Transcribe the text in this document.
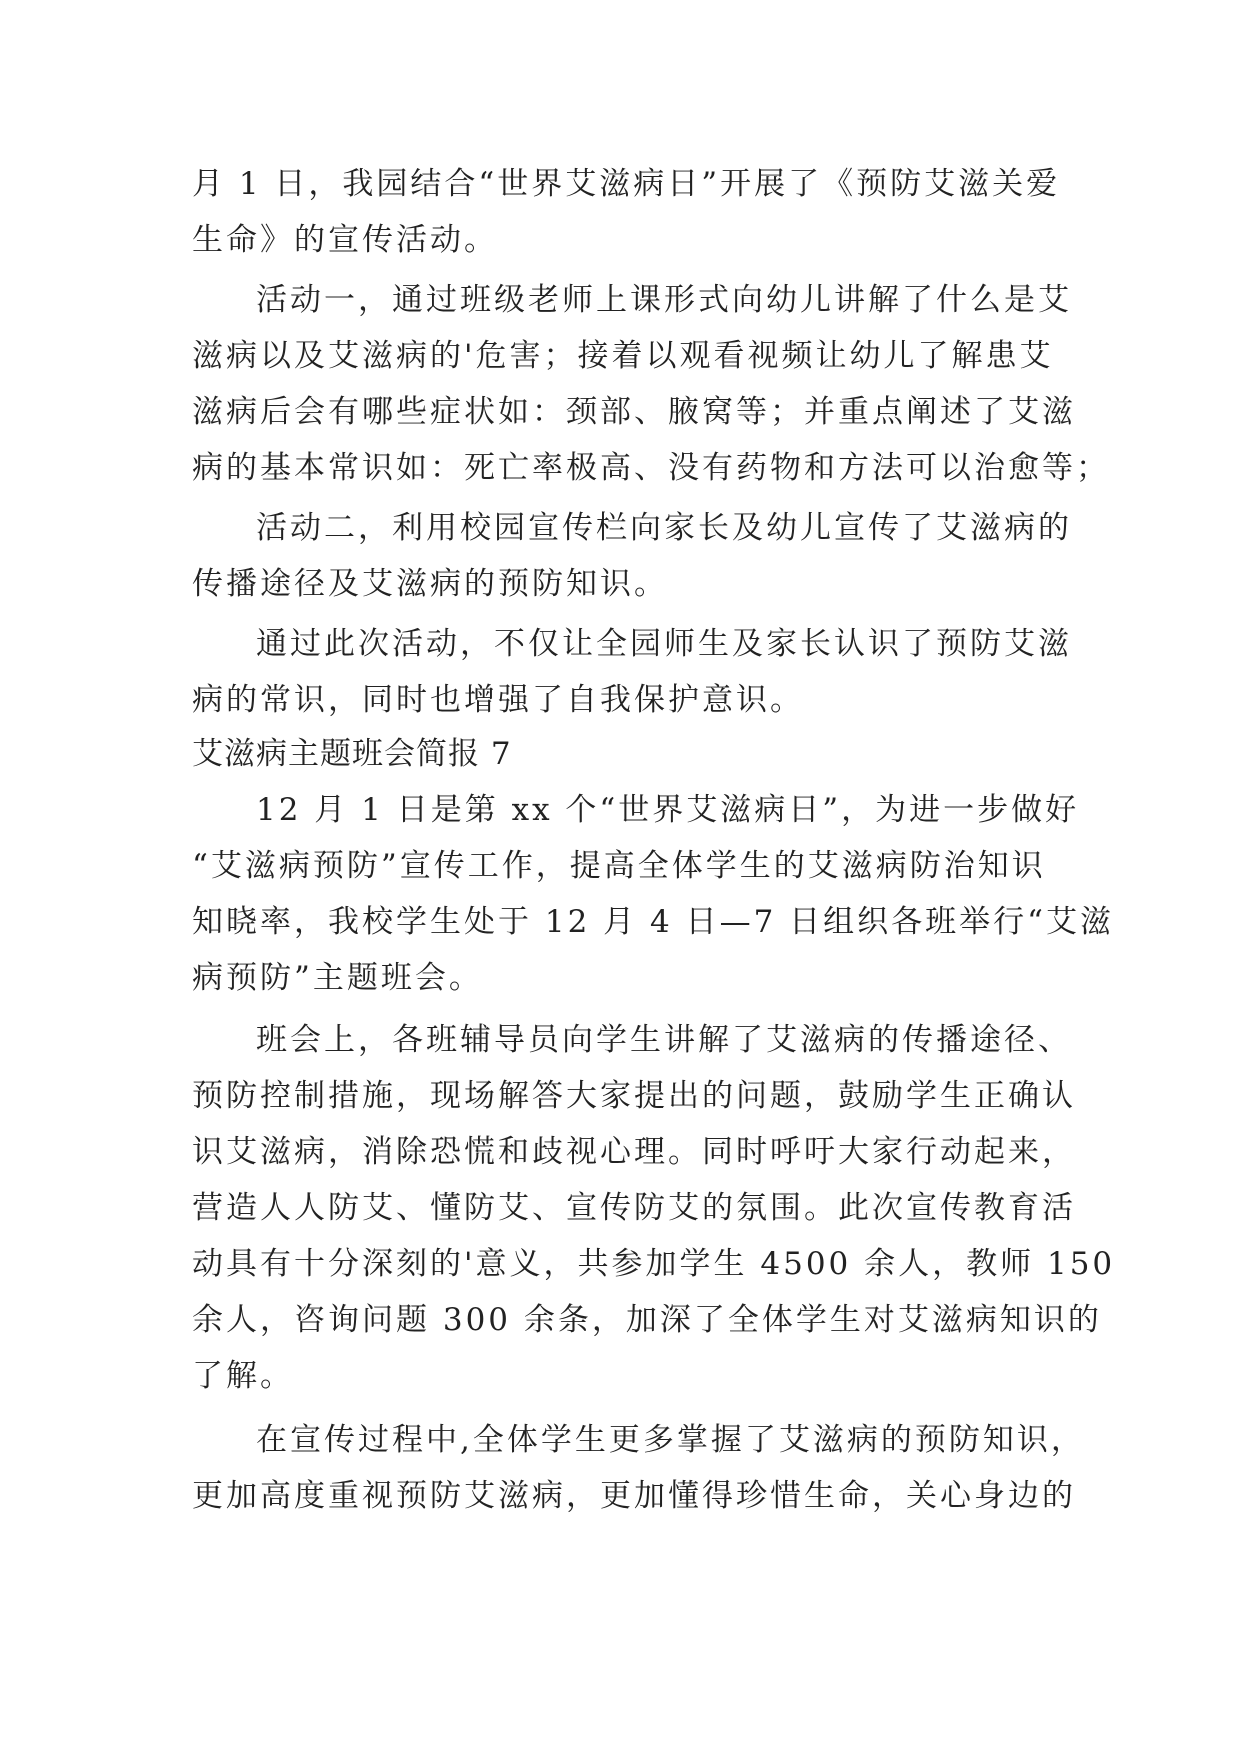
月 1 日，我园结合“世界艾滋病日”开展了《预防艾滋关爱
生命》的宣传活动。
活动一，通过班级老师上课形式向幼儿讲解了什么是艾
滋病以及艾滋病的'危害；接着以观看视频让幼儿了解患艾
滋病后会有哪些症状如：颈部、腋窝等；并重点阐述了艾滋
病的基本常识如：死亡率极高、没有药物和方法可以治愈等；
活动二，利用校园宣传栏向家长及幼儿宣传了艾滋病的
传播途径及艾滋病的预防知识。
通过此次活动，不仅让全园师生及家长认识了预防艾滋
病的常识，同时也增强了自我保护意识。
艾滋病主题班会简报 7
12 月 1 日是第 xx 个“世界艾滋病日”，为进一步做好
“艾滋病预防”宣传工作，提高全体学生的艾滋病防治知识
知晓率，我校学生处于 12 月 4 日—7 日组织各班举行“艾滋
病预防”主题班会。
班会上，各班辅导员向学生讲解了艾滋病的传播途径、
预防控制措施，现场解答大家提出的问题，鼓励学生正确认
识艾滋病，消除恐慌和歧视心理。同时呼吁大家行动起来，
营造人人防艾、懂防艾、宣传防艾的氛围。此次宣传教育活
动具有十分深刻的'意义，共参加学生 4500 余人，教师 150
余人，咨询问题 300 余条，加深了全体学生对艾滋病知识的
了解。
在宣传过程中,全体学生更多掌握了艾滋病的预防知识，
更加高度重视预防艾滋病，更加懂得珍惜生命，关心身边的
